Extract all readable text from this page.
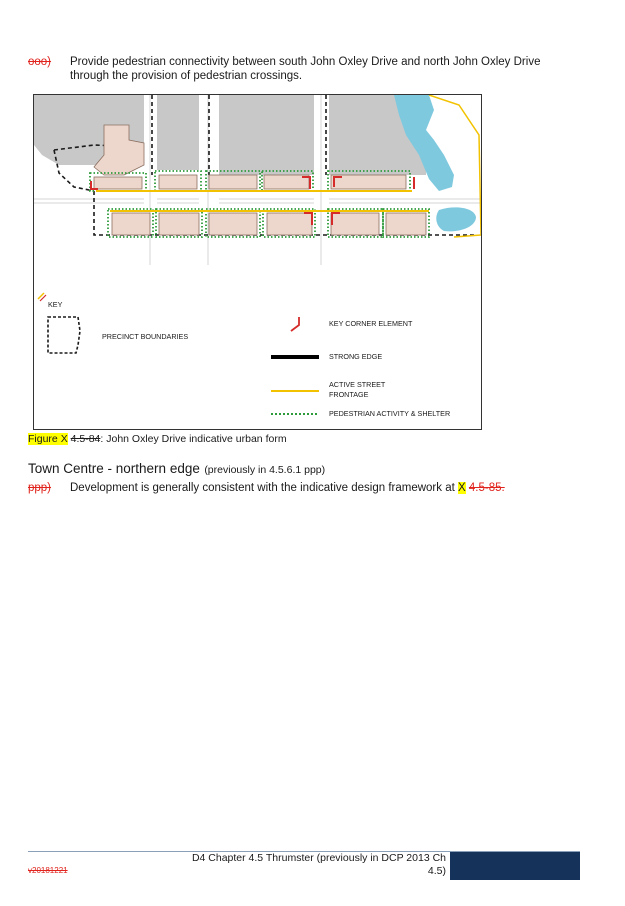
ooo) Provide pedestrian connectivity between south John Oxley Drive and north John Oxley Drive
through the provision of pedestrian crossings.
KEY
PRECINCT BOUNDARIES
KEY CORNER ELEMENT
STRONG EDGE
ACTIVE STREET
FRONTAGE
PEDESTRIAN ACTIVITY & SHELTER
Figure X 4.5-84: John Oxley Drive indicative urban form
Town Centre - northern edge (previously in 4.5.6.1 ppp)
ppp) Development is generally consistent with the indicative design framework at X 4.5-85.
v20181221
D4 Chapter 4.5 Thrumster (previously in DCP 2013 Ch
4.5)
